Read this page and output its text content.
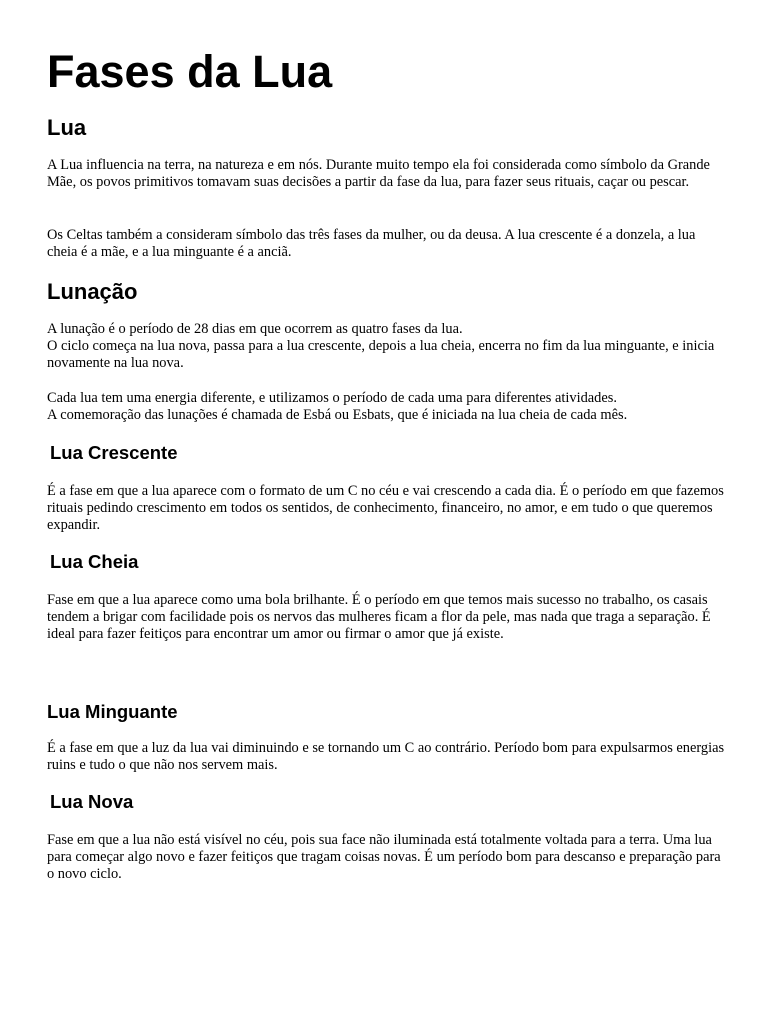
Fases da Lua
Lua

A Lua influencia na terra, na natureza e em nós. Durante muito tempo ela foi considerada como símbolo da Grande Mãe, os povos primitivos tomavam suas decisões a partir da fase da lua, para fazer seus rituais, caçar ou pescar.

Os Celtas também a consideram símbolo das três fases da mulher, ou da deusa. A lua crescente é a donzela, a lua cheia é a mãe, e a lua minguante é a anciã.

Lunação

A lunação é o período de 28 dias em que ocorrem as quatro fases da lua.
O ciclo começa na lua nova, passa para a lua crescente, depois a lua cheia, encerra no fim da lua minguante, e inicia novamente na lua nova.

Cada lua tem uma energia diferente, e utilizamos o período de cada uma para diferentes atividades.
A comemoração das lunações é chamada de Esbá ou Esbats, que é iniciada na lua cheia de cada mês.

Lua Crescente

É a fase em que a lua aparece com o formato de um C no céu e vai crescendo a cada dia. É o período em que fazemos rituais pedindo crescimento em todos os sentidos, de conhecimento, financeiro, no amor, e em tudo o que queremos expandir.

Lua Cheia

Fase em que a lua aparece como uma bola brilhante. É o período em que temos mais sucesso no trabalho, os casais tendem a brigar com facilidade pois os nervos das mulheres ficam a flor da pele, mas nada que traga a separação. É ideal para fazer feitiços para encontrar um amor ou firmar o amor que já existe.

Lua Minguante

É a fase em que a luz da lua vai diminuindo e se tornando um C ao contrário. Período bom para expulsarmos energias ruins e tudo o que não nos servem mais.

Lua Nova

Fase em que a lua não está visível no céu, pois sua face não iluminada está totalmente voltada para a terra. Uma lua para começar algo novo e fazer feitiços que tragam coisas novas. É um período bom para descanso e preparação para o novo ciclo.
